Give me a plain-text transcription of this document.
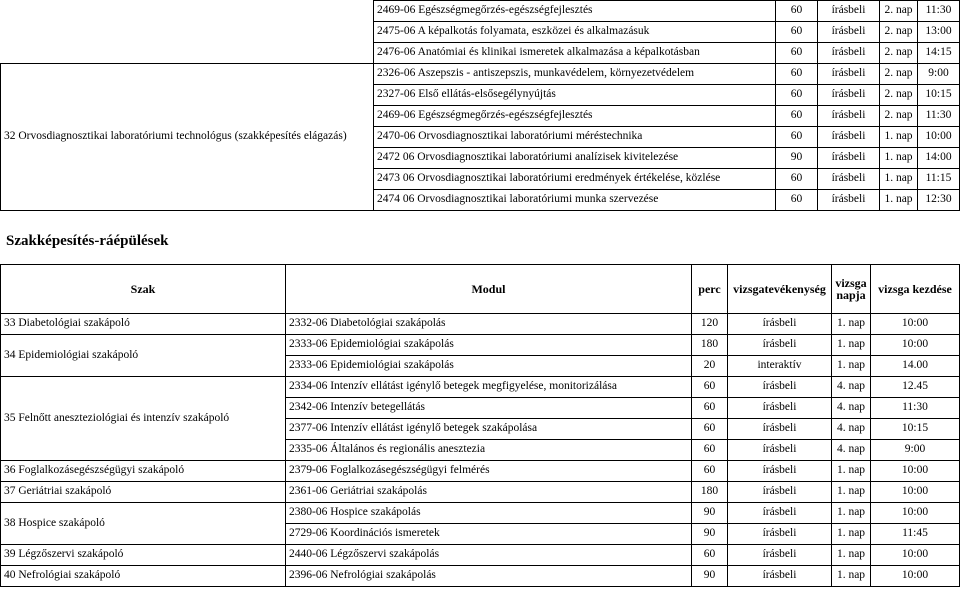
	2469-06 Egészségmegőrzés-egészségfejlesztés	60	írásbeli	2. nap	11:30
	2475-06 A képalkotás folyamata, eszközei és alkalmazásuk	60	írásbeli	2. nap	13:00
	2476-06 Anatómiai és klinikai ismeretek alkalmazása a képalkotásban	60	írásbeli	2. nap	14:15
32 Orvosdiagnosztikai laboratóriumi technológus (szakképesítés elágazás)	2326-06 Aszepszis - antiszepszis, munkavédelem, környezetvédelem	60	írásbeli	2. nap	9:00
	2327-06 Első ellátás-elsősegélynyújtás	60	írásbeli	2. nap	10:15
	2469-06 Egészségmegőrzés-egészségfejlesztés	60	írásbeli	2. nap	11:30
	2470-06 Orvosdiagnosztikai laboratóriumi méréstechnika	60	írásbeli	1. nap	10:00
	2472 06 Orvosdiagnosztikai laboratóriumi analízisek kivitelezése	90	írásbeli	1. nap	14:00
	2473 06 Orvosdiagnosztikai laboratóriumi eredmények értékelése, közlése	60	írásbeli	1. nap	11:15
	2474 06 Orvosdiagnosztikai laboratóriumi munka szervezése	60	írásbeli	1. nap	12:30
Szakképesítés-ráépülések
Szak	Modul	perc	vizsgatevékenység	vizsga napja	vizsga kezdése
33 Diabetológiai szakápoló	2332-06 Diabetológiai szakápolás	120	írásbeli	1. nap	10:00
34 Epidemiológiai szakápoló	2333-06 Epidemiológiai szakápolás	180	írásbeli	1. nap	10:00
	2333-06 Epidemiológiai szakápolás	20	interaktív	1. nap	14.00
35 Felnőtt aneszteziológiai és intenzív szakápoló	2334-06 Intenzív ellátást igénylő betegek megfigyelése, monitorizálása	60	írásbeli	4. nap	12.45
	2342-06 Intenzív betegellátás	60	írásbeli	4. nap	11:30
	2377-06 Intenzív ellátást igénylő betegek szakápolása	60	írásbeli	4. nap	10:15
	2335-06 Általános és regionális aneszteziа	60	írásbeli	4. nap	9:00
36 Foglalkozásegészségügyi szakápoló	2379-06 Foglalkozásegészségügyi felmérés	60	írásbeli	1. nap	10:00
37 Geriátriai szakápoló	2361-06 Geriátriai szakápolás	180	írásbeli	1. nap	10:00
38 Hospice szakápoló	2380-06 Hospice szakápolás	90	írásbeli	1. nap	10:00
	2729-06 Koordinációs ismeretek	90	írásbeli	1. nap	11:45
39 Légzőszervi szakápoló	2440-06 Légzőszervi szakápolás	60	írásbeli	1. nap	10:00
40 Nefrológiai szakápoló	2396-06 Nefrológiai szakápolás	90	írásbeli	1. nap	10:00
